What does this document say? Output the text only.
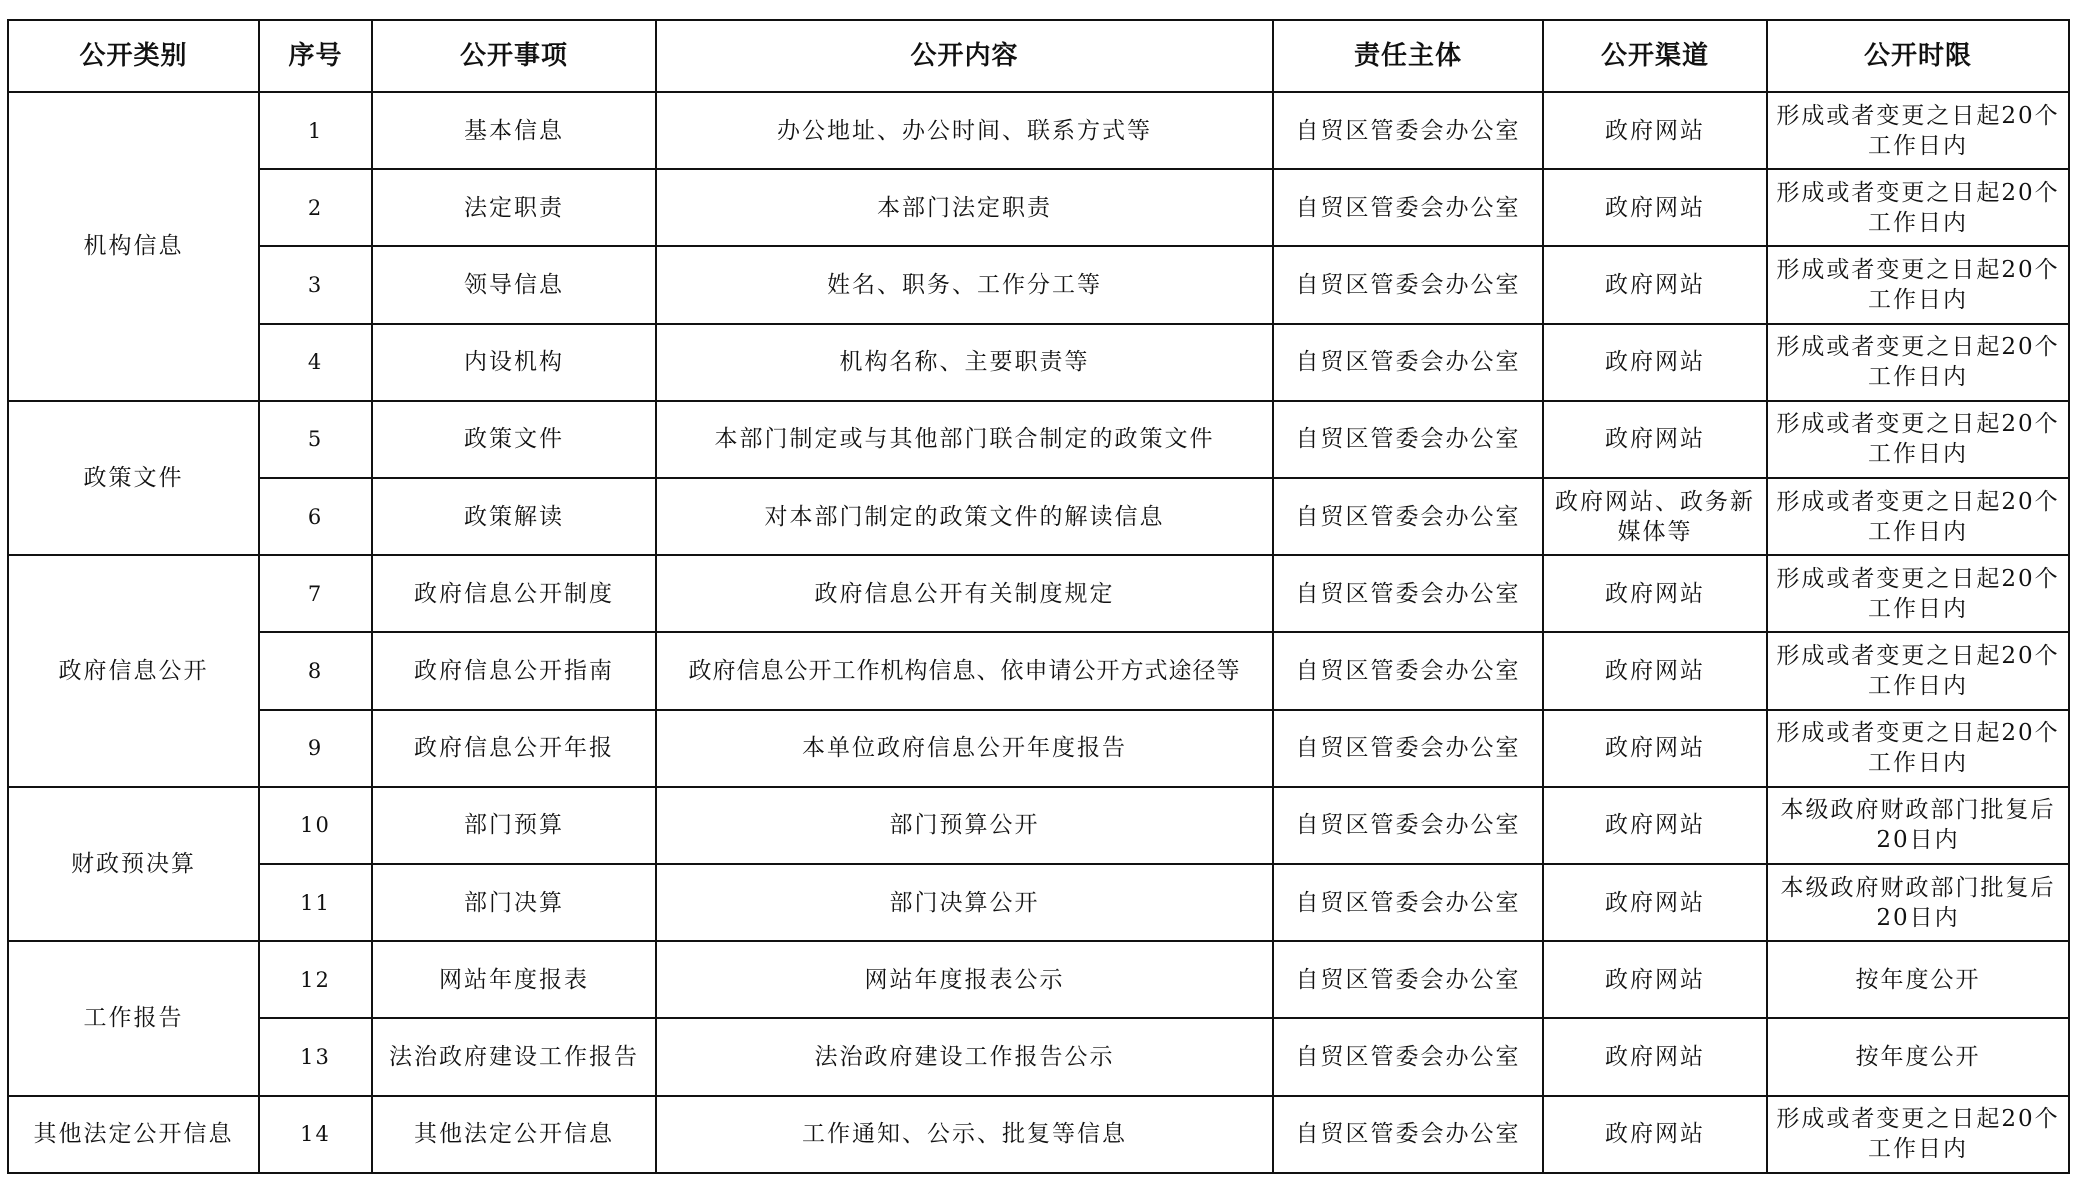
公开类别	序号	公开事项	公开内容	责任主体	公开渠道	公开时限
机构信息	1	基本信息	办公地址、办公时间、联系方式等	自贸区管委会办公室	政府网站	形成或者变更之日起20个工作日内
	2	法定职责	本部门法定职责	自贸区管委会办公室	政府网站	形成或者变更之日起20个工作日内
	3	领导信息	姓名、职务、工作分工等	自贸区管委会办公室	政府网站	形成或者变更之日起20个工作日内
	4	内设机构	机构名称、主要职责等	自贸区管委会办公室	政府网站	形成或者变更之日起20个工作日内
政策文件	5	政策文件	本部门制定或与其他部门联合制定的政策文件	自贸区管委会办公室	政府网站	形成或者变更之日起20个工作日内
	6	政策解读	对本部门制定的政策文件的解读信息	自贸区管委会办公室	政府网站、政务新媒体等	形成或者变更之日起20个工作日内
政府信息公开	7	政府信息公开制度	政府信息公开有关制度规定	自贸区管委会办公室	政府网站	形成或者变更之日起20个工作日内
	8	政府信息公开指南	政府信息公开工作机构信息、依申请公开方式途径等	自贸区管委会办公室	政府网站	形成或者变更之日起20个工作日内
	9	政府信息公开年报	本单位政府信息公开年度报告	自贸区管委会办公室	政府网站	形成或者变更之日起20个工作日内
财政预决算	10	部门预算	部门预算公开	自贸区管委会办公室	政府网站	本级政府财政部门批复后20日内
	11	部门决算	部门决算公开	自贸区管委会办公室	政府网站	本级政府财政部门批复后20日内
工作报告	12	网站年度报表	网站年度报表公示	自贸区管委会办公室	政府网站	按年度公开
	13	法治政府建设工作报告	法治政府建设工作报告公示	自贸区管委会办公室	政府网站	按年度公开
其他法定公开信息	14	其他法定公开信息	工作通知、公示、批复等信息	自贸区管委会办公室	政府网站	形成或者变更之日起20个工作日内
